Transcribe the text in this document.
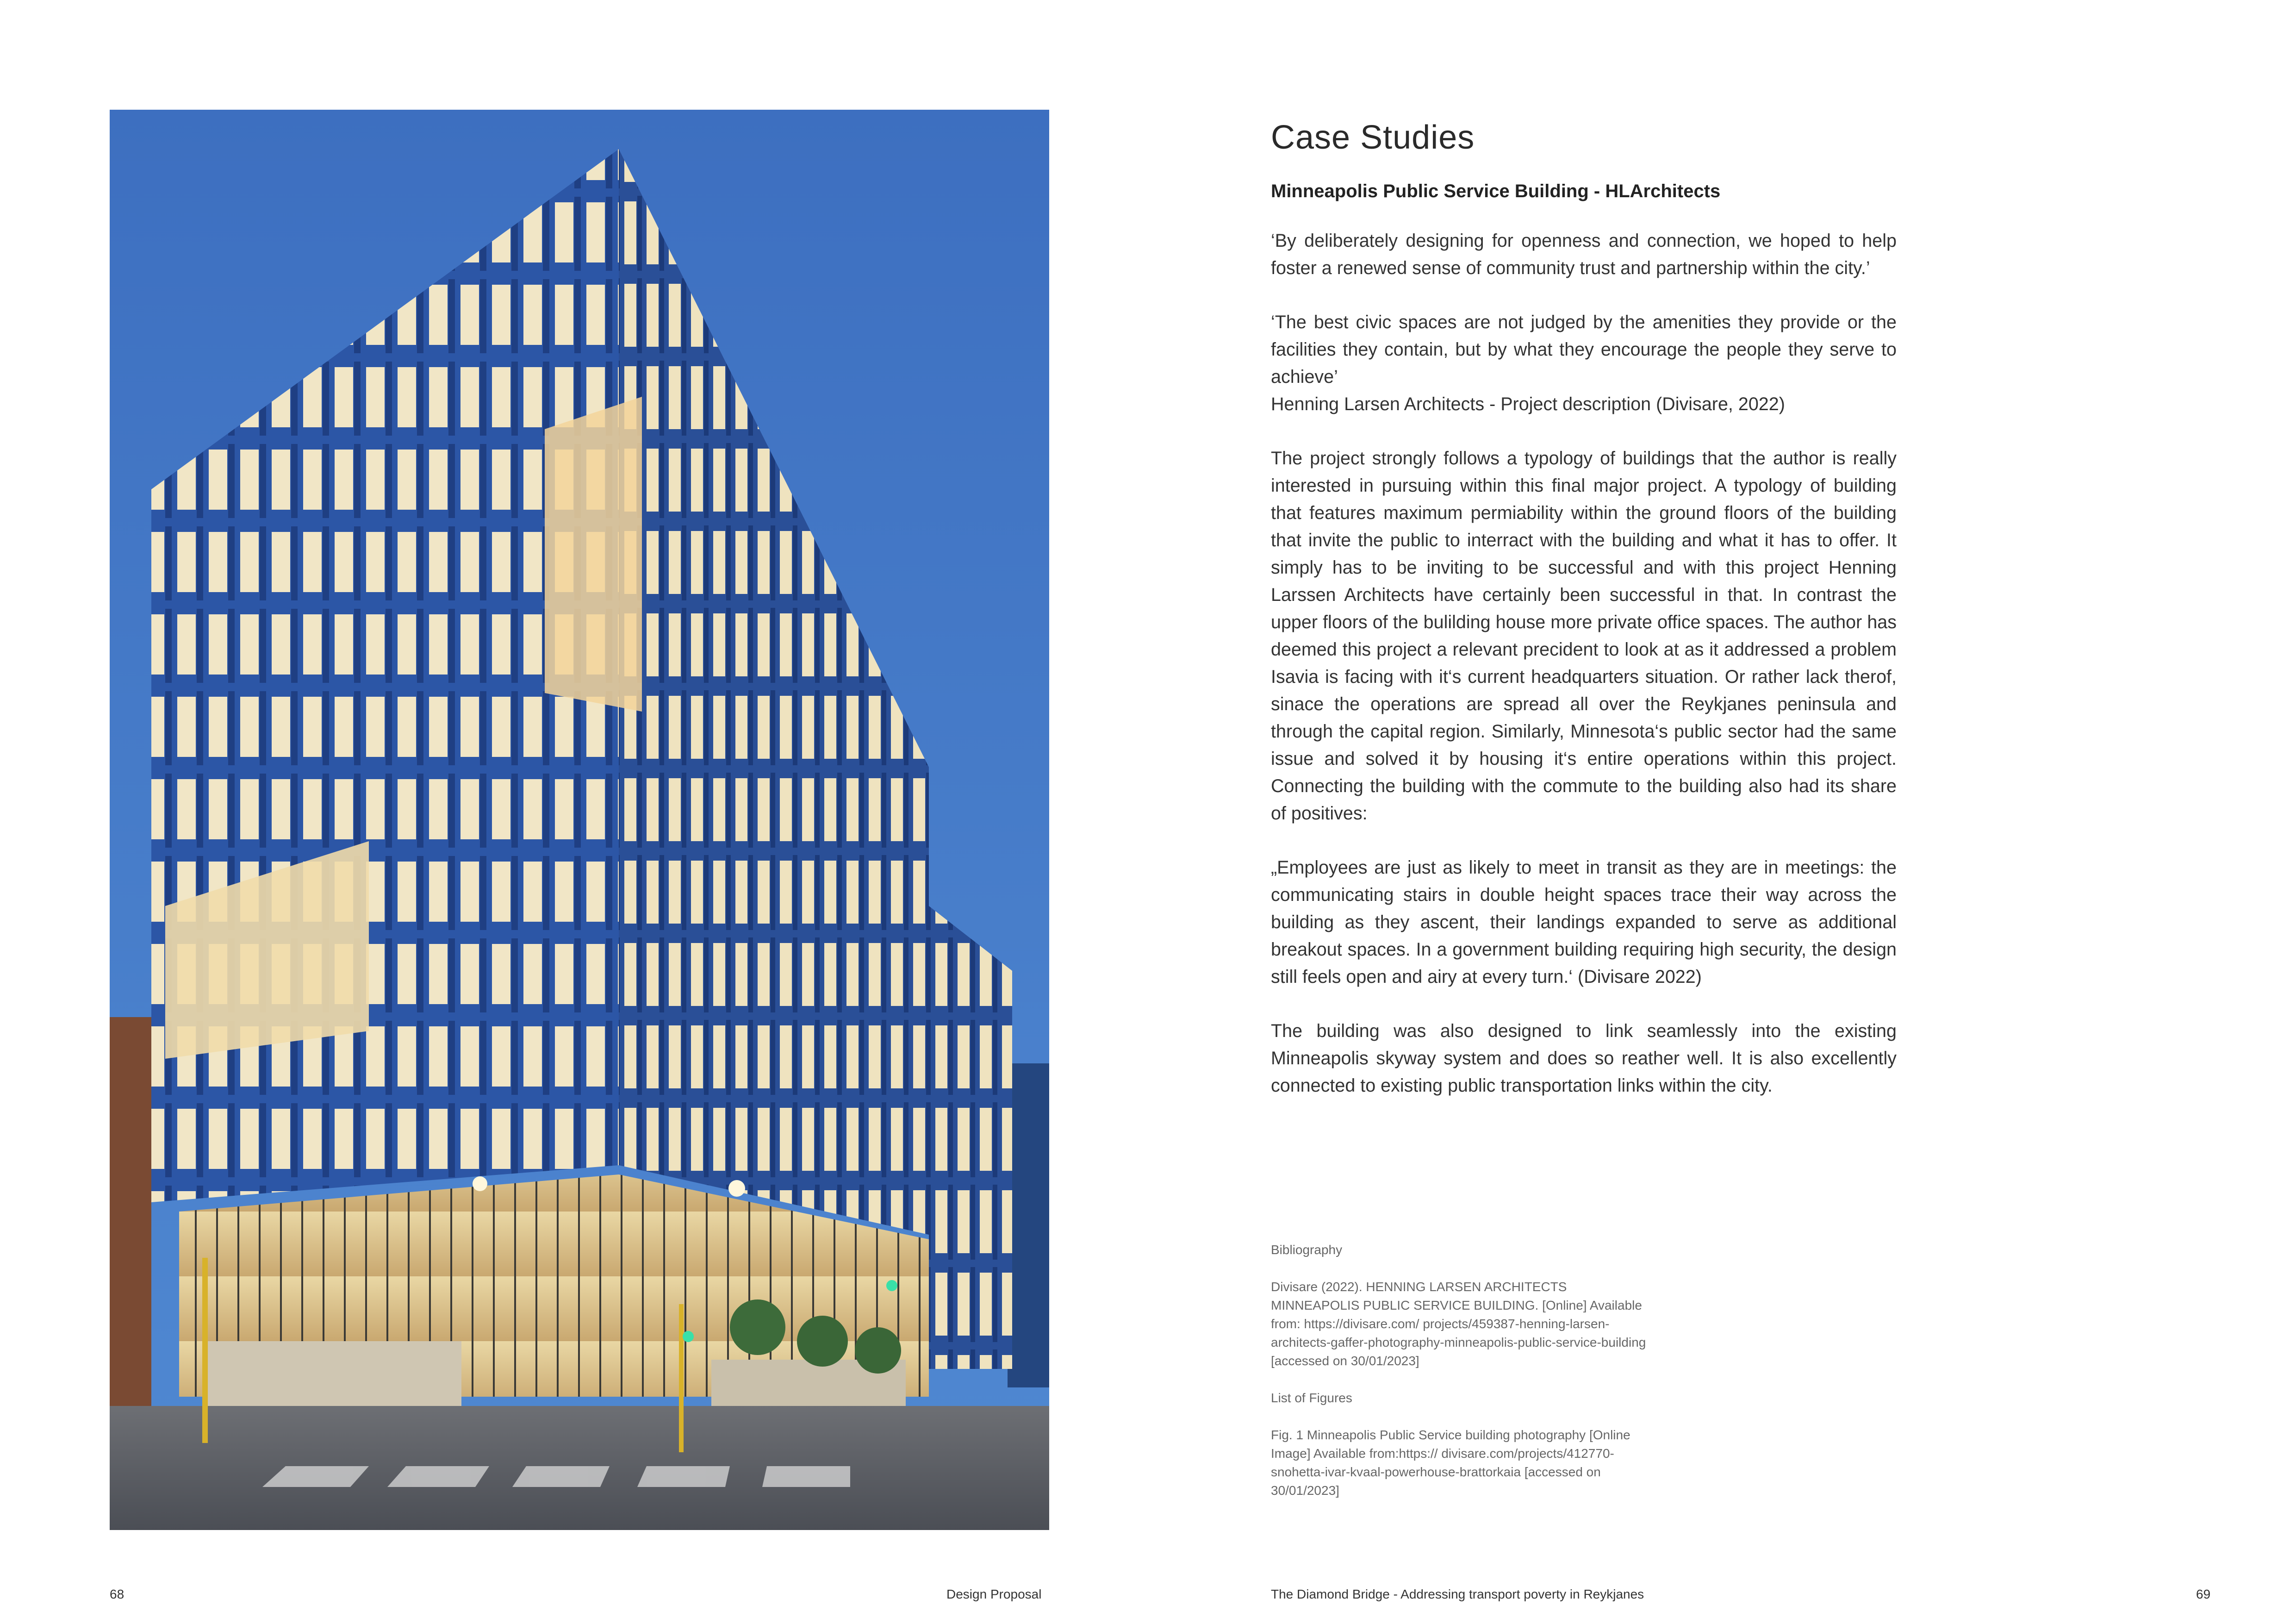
Case Studies
Minneapolis Public Service Building - HLArchitects

‘By deliberately designing for openness and connection, we hoped to help foster a renewed sense of community trust and partnership within the city.’

‘The best civic spaces are not judged by the amenities they provide or the facilities they contain, but by what they encourage the people they serve to achieve’
Henning Larsen Architects - Project description (Divisare, 2022)

The project strongly follows a typology of buildings that the author is really interested in pursuing within this final major project. A typology of building that features maximum permiability within the ground floors of the building that invite the public to interract with the building and what it has to offer. It simply has to be inviting to be successful and with this project Henning Larssen Architects have certainly been successful in that. In contrast the upper floors of the bulilding house more private office spaces. The author has deemed this project a relevant precident to look at as it addressed a problem Isavia is facing with it‘s current headquarters situation. Or rather lack therof, sinace the operations are spread all over the Reykjanes peninsula and through the capital region. Similarly, Minnesota‘s public sector had the same issue and solved it by housing it‘s entire operations within this project. Connecting the building with the commute to the building also had its share of positives:

„Employees are just as likely to meet in transit as they are in meetings: the communicating stairs in double height spaces trace their way across the building as they ascent, their landings expanded to serve as additional breakout spaces. In a government building requiring high security, the design still feels open and airy at every turn.‘ (Divisare 2022)

The building was also designed to link seamlessly into the existing Minneapolis skyway system and does so reather well. It is also excellently connected to existing public transportation links within the city.

Bibliography
Divisare (2022). HENNING LARSEN ARCHITECTS MINNEAPOLIS PUBLIC SERVICE BUILDING. [Online] Available from: https://divisare.com/ projects/459387-henning-larsen-architects-gaffer-photography-minneapolis-public-service-building [accessed on 30/01/2023]
List of Figures
Fig. 1 Minneapolis Public Service building photography [Online Image] Available from:https:// divisare.com/projects/412770-snohetta-ivar-kvaal-powerhouse-brattorkaia [accessed on 30/01/2023]
68	Design Proposal	The Diamond Bridge - Addressing transport poverty in Reykjanes	69
